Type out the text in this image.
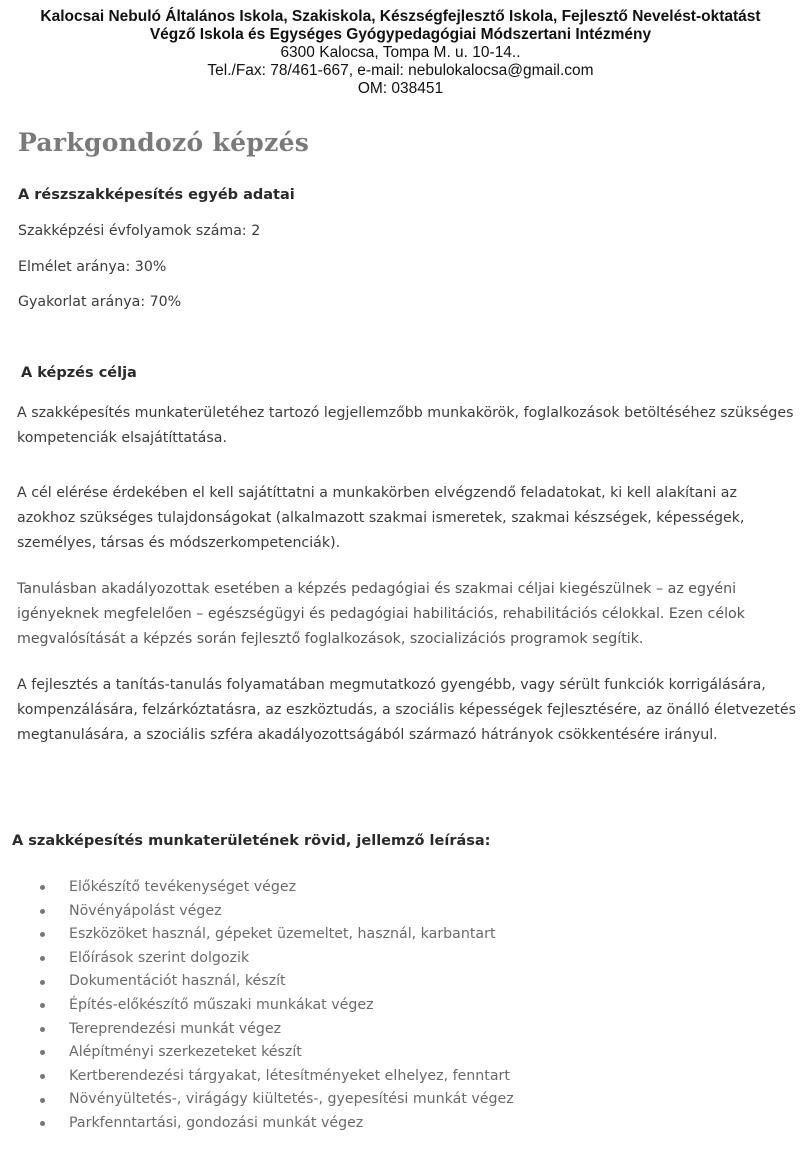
Kalocsai Nebuló Általános Iskola, Szakiskola, Készségfejlesztő Iskola, Fejlesztő Nevelést-oktatást Végző Iskola és Egységes Gyógypedagógiai Módszertani Intézmény
6300 Kalocsa, Tompa M. u. 10-14..
Tel./Fax: 78/461-667, e-mail: nebulokalocsa@gmail.com
OM: 038451
Parkgondozó képzés
A részszakképesítés egyéb adatai

Szakképzési évfolyamok száma: 2

Elmélet aránya: 30%

Gyakorlat aránya: 70%

A képzés célja

A szakképesítés munkaterületéhez tartozó legjellemzőbb munkakörök, foglalkozások betöltéséhez szükséges kompetenciák elsajátíttatása.

A cél elérése érdekében el kell sajátíttatni a munkakörben elvégzendő feladatokat, ki kell alakítani az azokhoz szükséges tulajdonságokat (alkalmazott szakmai ismeretek, szakmai készségek, képességek, személyes, társas és módszerkompetenciák).

Tanulásban akadályozottak esetében a képzés pedagógiai és szakmai céljai kiegészülnek – az egyéni igényeknek megfelelően – egészségügyi és pedagógiai habilitációs, rehabilitációs célokkal. Ezen célok megvalósítását a képzés során fejlesztő foglalkozások, szocializációs programok segítik.

A fejlesztés a tanítás-tanulás folyamatában megmutatkozó gyengébb, vagy sérült funkciók korrigálására, kompenzálására, felzárkóztatásra, az eszköztudás, a szociális képességek fejlesztésére, az önálló életvezetés megtanulására, a szociális szféra akadályozottságából származó hátrányok csökkentésére irányul.

A szakképesítés munkaterületének rövid, jellemző leírása:
Előkészítő tevékenységet végez
Növényápolást végez
Eszközöket használ, gépeket üzemeltet, használ, karbantart
Előírások szerint dolgozik
Dokumentációt használ, készít
Építés-előkészítő műszaki munkákat végez
Tereprendezési munkát végez
Alépítményi szerkezeteket készít
Kertberendezési tárgyakat, létesítményeket elhelyez, fenntart
Növényültetés-, virágágy kiültetés-, gyepesítési munkát végez
Parkfenntartási, gondozási munkát végez
